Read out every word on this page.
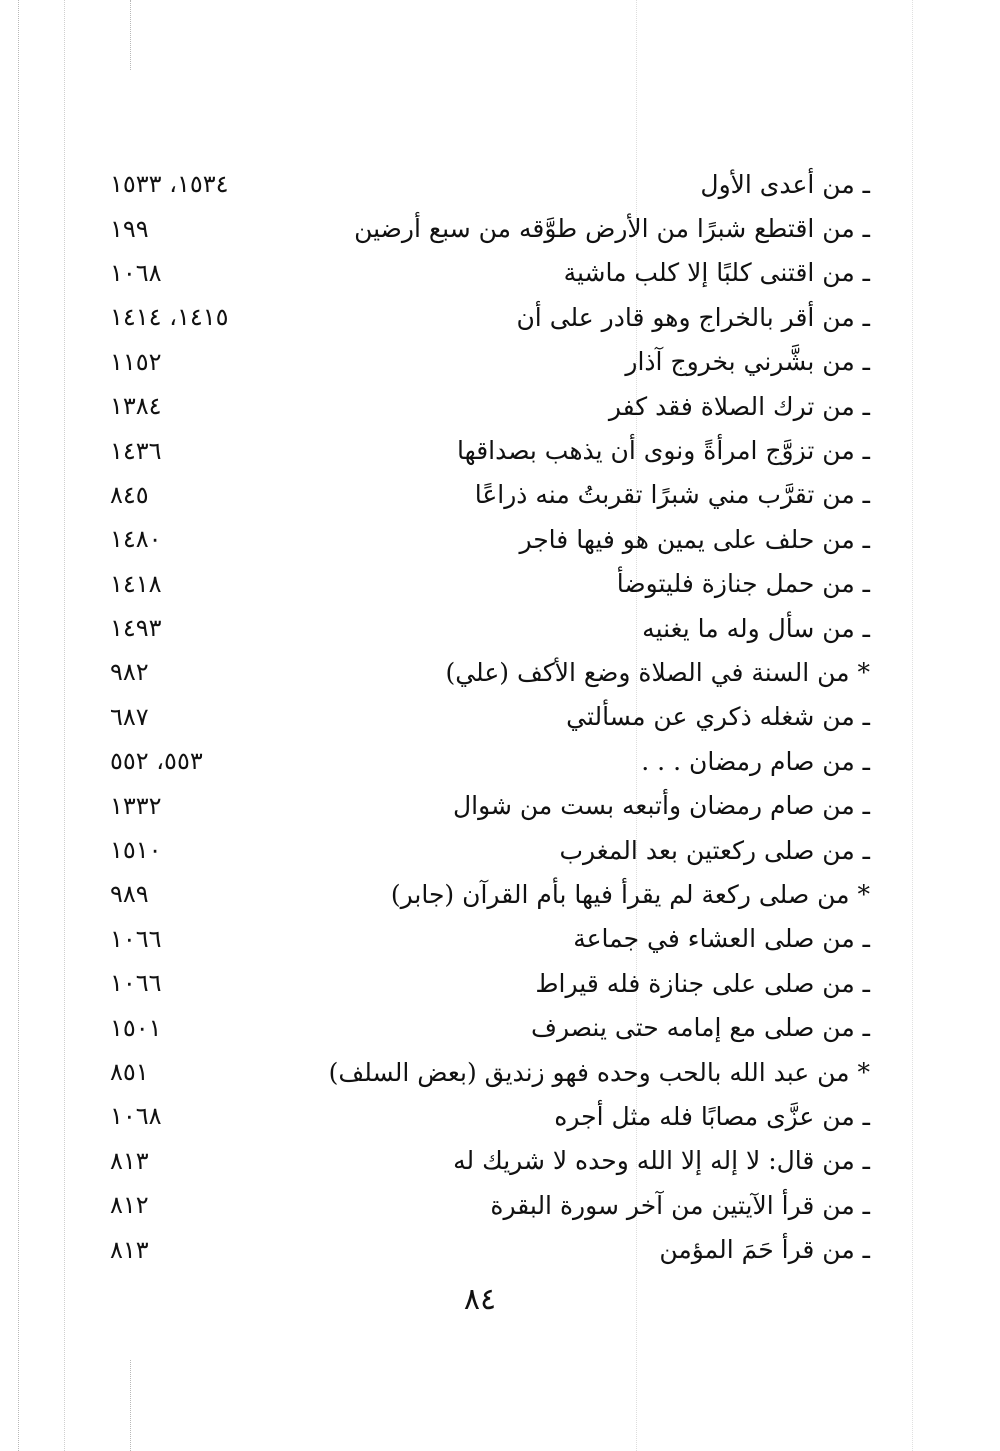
١٥٣٤، ١٥٣٣	ـ من أعدى الأول
١٩٩	ـ من اقتطع شبرًا من الأرض طوَّقه من سبع أرضين
١٠٦٨	ـ من اقتنى كلبًا إلا كلب ماشية
١٤١٥، ١٤١٤	ـ من أقر بالخراج وهو قادر على أن
١١٥٢	ـ من بشَّرني بخروج آذار
١٣٨٤	ـ من ترك الصلاة فقد كفر
١٤٣٦	ـ من تزوَّج امرأةً ونوى أن يذهب بصداقها
٨٤٥	ـ من تقرَّب مني شبرًا تقربتُ منه ذراعًا
١٤٨٠	ـ من حلف على يمين هو فيها فاجر
١٤١٨	ـ من حمل جنازة فليتوضأ
١٤٩٣	ـ من سأل وله ما يغنيه
٩٨٢	* من السنة في الصلاة وضع الأكف (علي)
٦٨٧	ـ من شغله ذكري عن مسألتي
٥٥٣، ٥٥٢	ـ من صام رمضان . . .
١٣٣٢	ـ من صام رمضان وأتبعه بست من شوال
١٥١٠	ـ من صلى ركعتين بعد المغرب
٩٨٩	* من صلى ركعة لم يقرأ فيها بأم القرآن (جابر)
١٠٦٦	ـ من صلى العشاء في جماعة
١٠٦٦	ـ من صلى على جنازة فله قيراط
١٥٠١	ـ من صلى مع إمامه حتى ينصرف
٨٥١	* من عبد الله بالحب وحده فهو زنديق (بعض السلف)
١٠٦٨	ـ من عزَّى مصابًا فله مثل أجره
٨١٣	ـ من قال: لا إله إلا الله وحده لا شريك له
٨١٢	ـ من قرأ الآيتين من آخر سورة البقرة
٨١٣	ـ من قرأ حَمَ المؤمن
٨٤
